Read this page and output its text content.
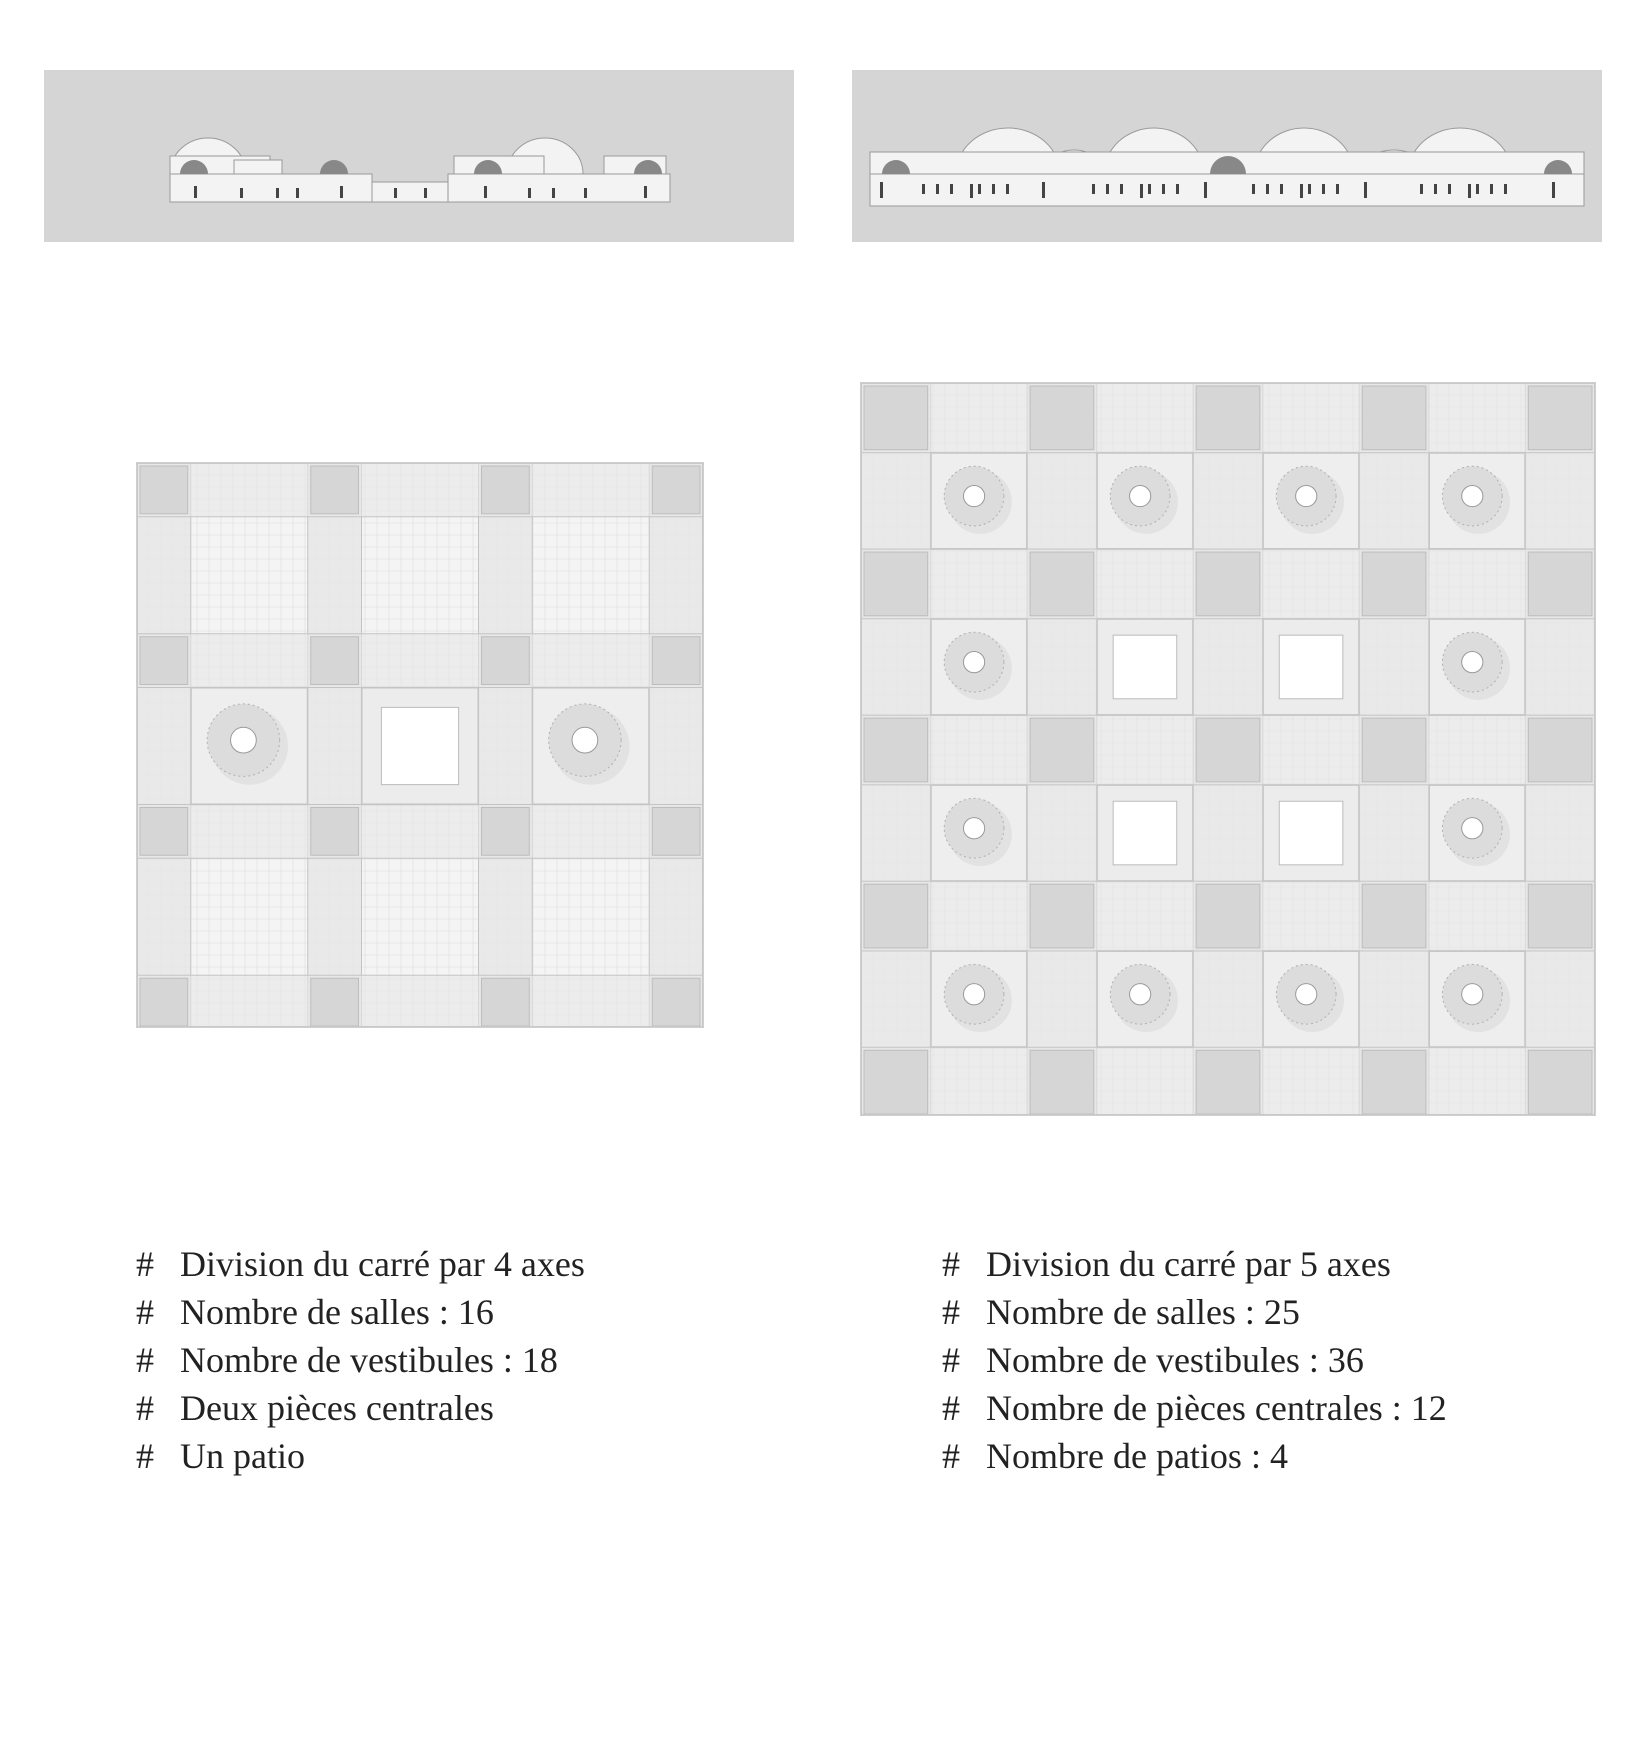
# Division du carré par 4 axes
# Nombre de salles : 16
# Nombre de vestibules : 18
# Deux pièces centrales
# Un patio
# Division du carré par 5 axes
# Nombre de salles : 25
# Nombre de vestibules : 36
# Nombre de pièces centrales : 12
# Nombre de patios : 4
